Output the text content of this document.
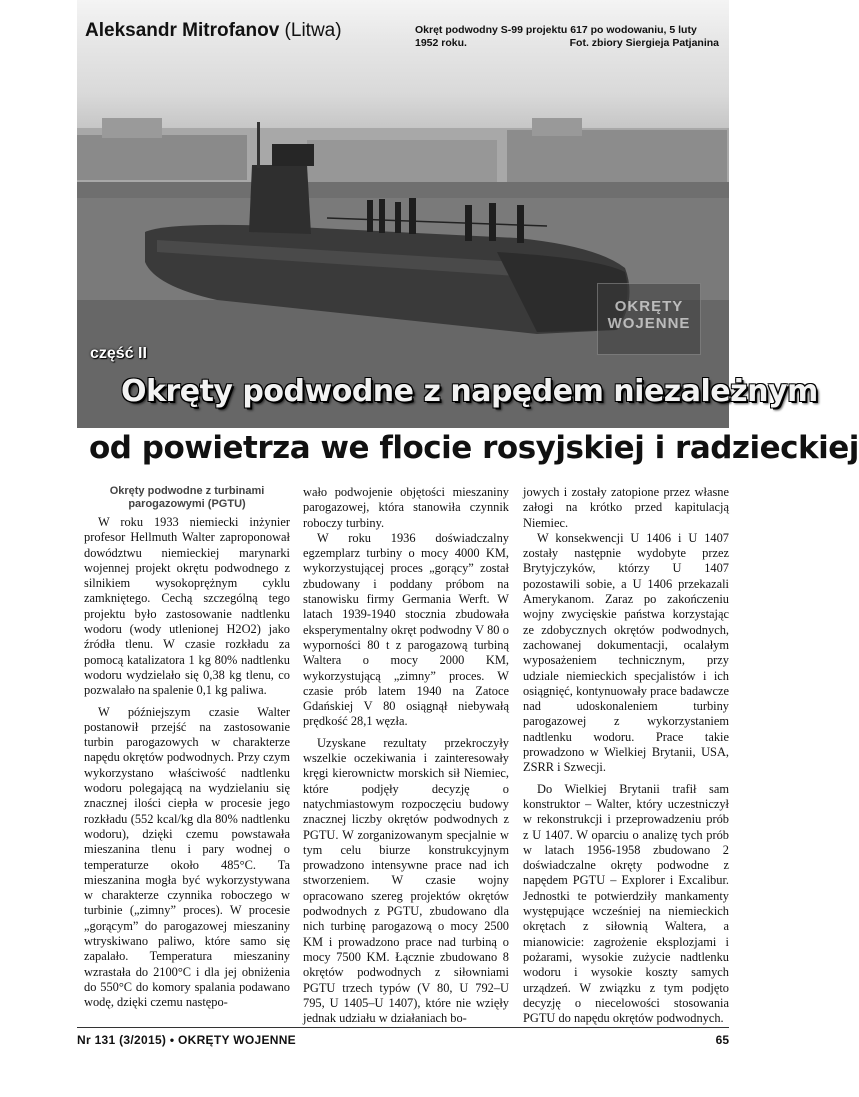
Aleksandr Mitrofanov (Litwa)	Okręt podwodny S-99 projektu 617 po wodowaniu, 5 luty
1952 roku.	Fot. zbiory Siergieja Patjanina
OKRĘTY WOJENNE
część II
Okręty podwodne z napędem niezależnym
od powietrza we flocie rosyjskiej i radzieckiej
Okręty podwodne z turbinami parogazowymi (PGTU)

W roku 1933 niemiecki inżynier profesor Hellmuth Walter zaproponował dowództwu niemieckiej marynarki wojennej projekt okrętu podwodnego z silnikiem wysokoprężnym cyklu zamkniętego. Cechą szczególną tego projektu było zastosowanie nadtlenku wodoru (wody utlenionej H2O2) jako źródła tlenu. W czasie rozkładu za pomocą katalizatora 1 kg 80% nadtlenku wodoru wydzielało się 0,38 kg tlenu, co pozwalało na spalenie 0,1 kg paliwa.

W późniejszym czasie Walter postanowił przejść na zastosowanie turbin parogazowych w charakterze napędu okrętów podwodnych. Przy czym wykorzystano właściwość nadtlenku wodoru polegającą na wydzielaniu się znacznej ilości ciepła w procesie jego rozkładu (552 kcal/kg dla 80% nadtlenku wodoru), dzięki czemu powstawała mieszanina tlenu i pary wodnej o temperaturze około 485°C. Ta mieszanina mogła być wykorzystywana w charakterze czynnika roboczego w turbinie („zimny” proces). W procesie „gorącym” do parogazowej mieszaniny wtryskiwano paliwo, które samo się zapalało. Temperatura mieszaniny wzrastała do 2100°C i dla jej obniżenia do 550°C do komory spalania podawano wodę, dzięki czemu następo-

wało podwojenie objętości mieszaniny parogazowej, która stanowiła czynnik roboczy turbiny.

W roku 1936 doświadczalny egzemplarz turbiny o mocy 4000 KM, wykorzystującej proces „gorący” został zbudowany i poddany próbom na stanowisku firmy Germania Werft. W latach 1939-1940 stocznia zbudowała eksperymentalny okręt podwodny V 80 o wyporności 80 t z parogazową turbiną Waltera o mocy 2000 KM, wykorzystującą „zimny” proces. W czasie prób latem 1940 na Zatoce Gdańskiej V 80 osiągnął niebywałą prędkość 28,1 węzła.

Uzyskane rezultaty przekroczyły wszelkie oczekiwania i zainteresowały kręgi kierownictw morskich sił Niemiec, które podjęły decyzję o natychmiastowym rozpoczęciu budowy znacznej liczby okrętów podwodnych z PGTU. W zorganizowanym specjalnie w tym celu biurze konstrukcyjnym prowadzono intensywne prace nad ich stworzeniem. W czasie wojny opracowano szereg projektów okrętów podwodnych z PGTU, zbudowano dla nich turbinę parogazową o mocy 2500 KM i prowadzono prace nad turbiną o mocy 7500 KM. Łącznie zbudowano 8 okrętów podwodnych z siłowniami PGTU trzech typów (V 80, U 792–U 795, U 1405–U 1407), które nie wzięły jednak udziału w działaniach bo-

jowych i zostały zatopione przez własne załogi na krótko przed kapitulacją Niemiec.

W konsekwencji U 1406 i U 1407 zostały następnie wydobyte przez Brytyjczyków, którzy U 1407 pozostawili sobie, a U 1406 przekazali Amerykanom. Zaraz po zakończeniu wojny zwycięskie państwa korzystając ze zdobycznych okrętów podwodnych, zachowanej dokumentacji, ocalałym wyposażeniem technicznym, przy udziale niemieckich specjalistów i ich osiągnięć, kontynuowały prace badawcze nad udoskonaleniem turbiny parogazowej z wykorzystaniem nadtlenku wodoru. Prace takie prowadzono w Wielkiej Brytanii, USA, ZSRR i Szwecji.

Do Wielkiej Brytanii trafił sam konstruktor – Walter, który uczestniczył w rekonstrukcji i przeprowadzeniu prób z U 1407. W oparciu o analizę tych prób w latach 1956-1958 zbudowano 2 doświadczalne okręty podwodne z napędem PGTU – Explorer i Excalibur. Jednostki te potwierdziły mankamenty występujące wcześniej na niemieckich okrętach z siłownią Waltera, a mianowicie: zagrożenie eksplozjami i pożarami, wysokie zużycie nadtlenku wodoru i wysokie koszty samych urządzeń. W związku z tym podjęto decyzję o niecelowości stosowania PGTU do napędu okrętów podwodnych.

Nr 131 (3/2015) • OKRĘTY WOJENNE	65
